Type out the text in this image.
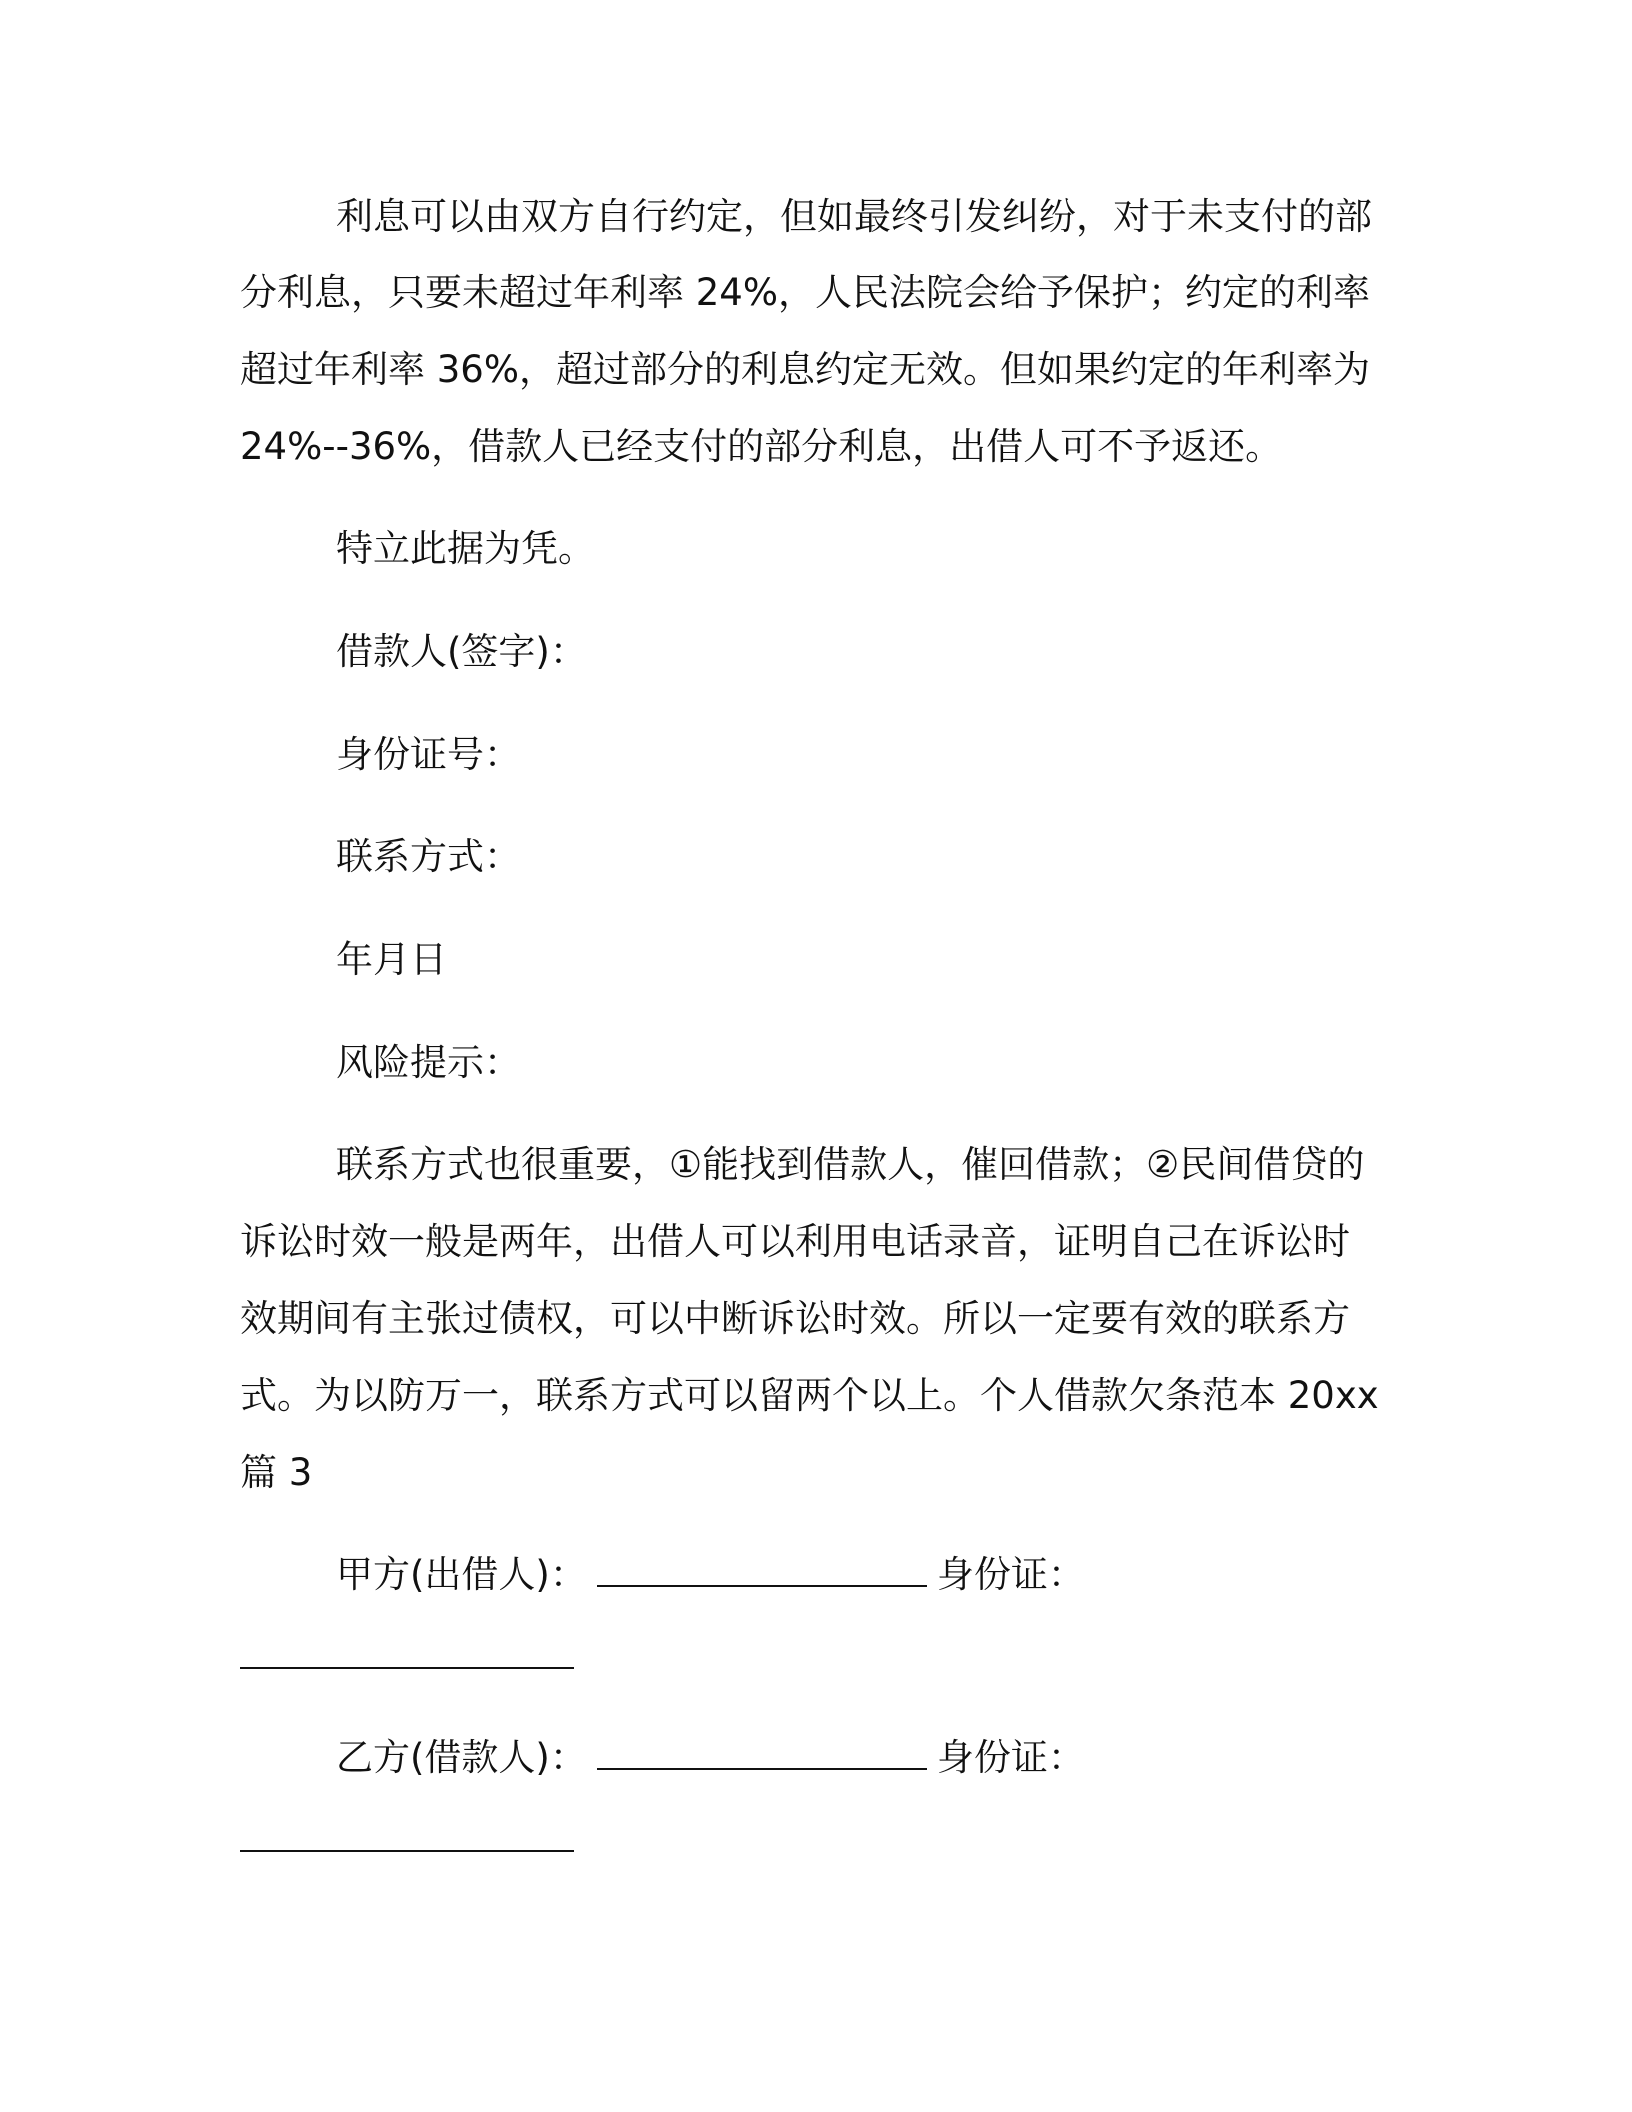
利息可以由双方自行约定，但如最终引发纠纷，对于未支付的部
分利息，只要未超过年利率 24%，人民法院会给予保护；约定的利率
超过年利率 36%，超过部分的利息约定无效。但如果约定的年利率为
24%--36%，借款人已经支付的部分利息，出借人可不予返还。
特立此据为凭。
借款人(签字)：
身份证号：
联系方式：
年月日
风险提示：
联系方式也很重要，①能找到借款人，催回借款；②民间借贷的
诉讼时效一般是两年，出借人可以利用电话录音，证明自己在诉讼时
效期间有主张过债权，可以中断诉讼时效。所以一定要有效的联系方
式。为以防万一，联系方式可以留两个以上。个人借款欠条范本 20xx
篇 3
甲方(出借人)：	身份证：
乙方(借款人)：	身份证：
